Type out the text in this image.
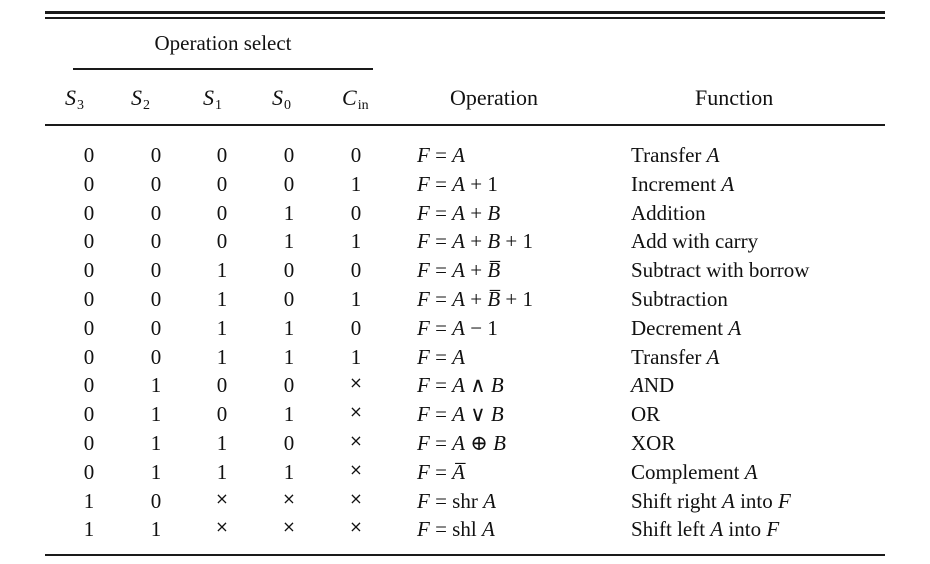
Operation select
$S_3$ $S_2$ $S_1$ $S_0$ $C_{in}$	Operation	Function
0	0	0	0	0	F = A	Transfer A
0	0	0	0	1	F = A + 1	Increment A
0	0	0	1	0	F = A + B	Addition
0	0	0	1	1	F = A + B + 1	Add with carry
0	0	1	0	0	F = A + B̅	Subtract with borrow
0	0	1	0	1	F = A + B̅ + 1	Subtraction
0	0	1	1	0	F = A − 1	Decrement A
0	0	1	1	1	F = A	Transfer A
0	1	0	0	×	F = A ∧ B	AND
0	1	0	1	×	F = A ∨ B	OR
0	1	1	0	×	F = A ⊕ B	XOR
0	1	1	1	×	F = A̅	Complement A
1	0	×	×	×	F = shr A	Shift right A into F
1	1	×	×	×	F = shl A	Shift left A into F
